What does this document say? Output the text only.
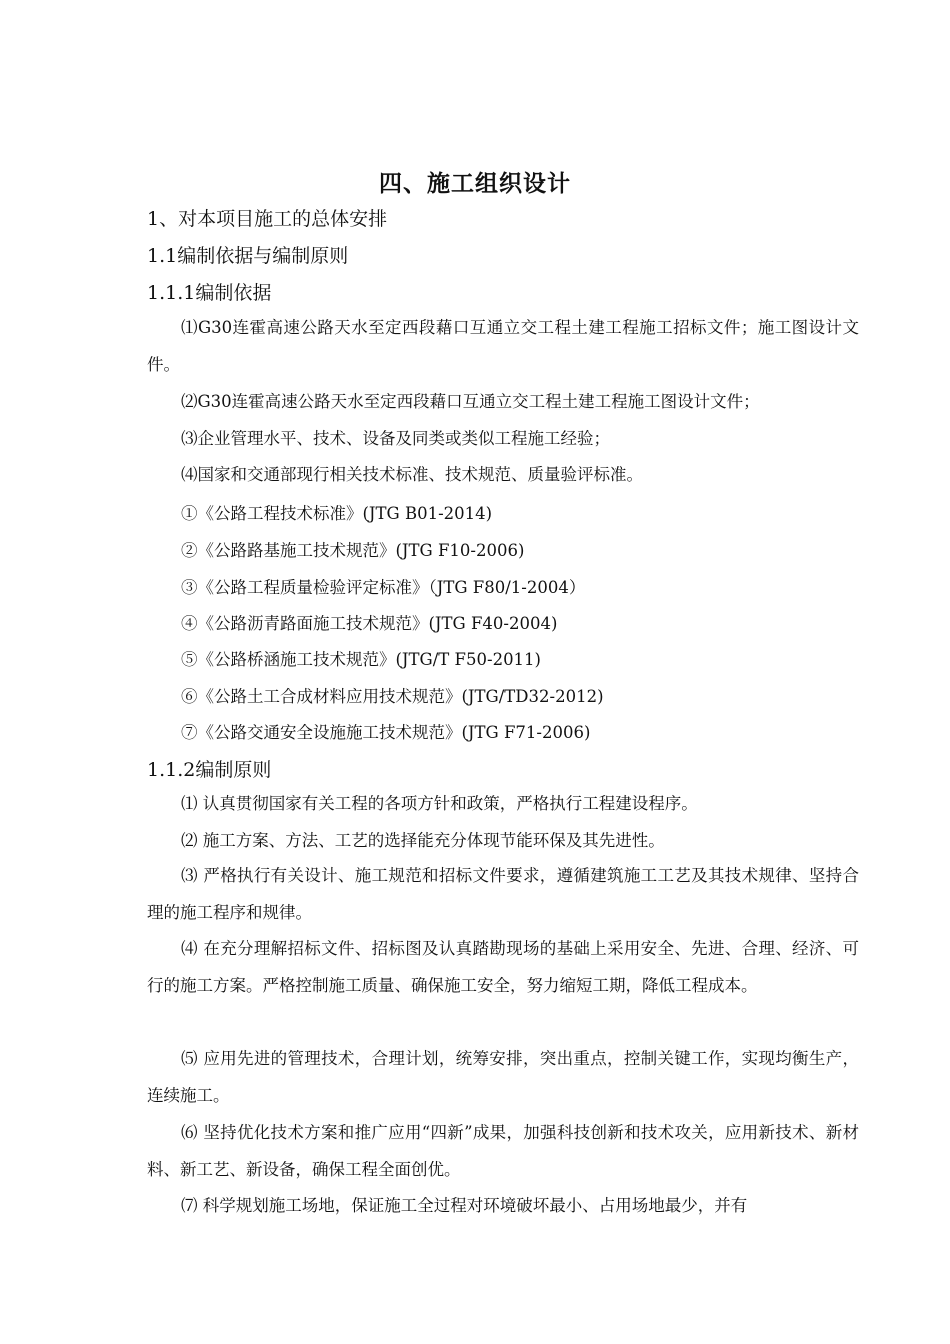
四、施工组织设计
1、对本项目施工的总体安排
1.1编制依据与编制原则
1.1.1编制依据
⑴G30连霍高速公路天水至定西段藉口互通立交工程土建工程施工招标文件；施工图设计文件。
⑵G30连霍高速公路天水至定西段藉口互通立交工程土建工程施工图设计文件；
⑶企业管理水平、技术、设备及同类或类似工程施工经验；
⑷国家和交通部现行相关技术标准、技术规范、质量验评标准。
①《公路工程技术标准》(JTG B01-2014)
②《公路路基施工技术规范》(JTG F10-2006)
③《公路工程质量检验评定标准》（JTG F80/1-2004）
④《公路沥青路面施工技术规范》(JTG F40-2004)
⑤《公路桥涵施工技术规范》(JTG/T F50-2011)
⑥《公路土工合成材料应用技术规范》(JTG/TD32-2012)
⑦《公路交通安全设施施工技术规范》(JTG F71-2006)
1.1.2编制原则
⑴ 认真贯彻国家有关工程的各项方针和政策，严格执行工程建设程序。
⑵ 施工方案、方法、工艺的选择能充分体现节能环保及其先进性。
⑶ 严格执行有关设计、施工规范和招标文件要求，遵循建筑施工工艺及其技术规律、坚持合理的施工程序和规律。
⑷ 在充分理解招标文件、招标图及认真踏勘现场的基础上采用安全、先进、合理、经济、可行的施工方案。严格控制施工质量、确保施工安全，努力缩短工期，降低工程成本。
⑸ 应用先进的管理技术，合理计划，统筹安排，突出重点，控制关键工作，实现均衡生产，连续施工。
⑹ 坚持优化技术方案和推广应用“四新”成果，加强科技创新和技术攻关，应用新技术、新材料、新工艺、新设备，确保工程全面创优。
⑺ 科学规划施工场地，保证施工全过程对环境破坏最小、占用场地最少，并有
